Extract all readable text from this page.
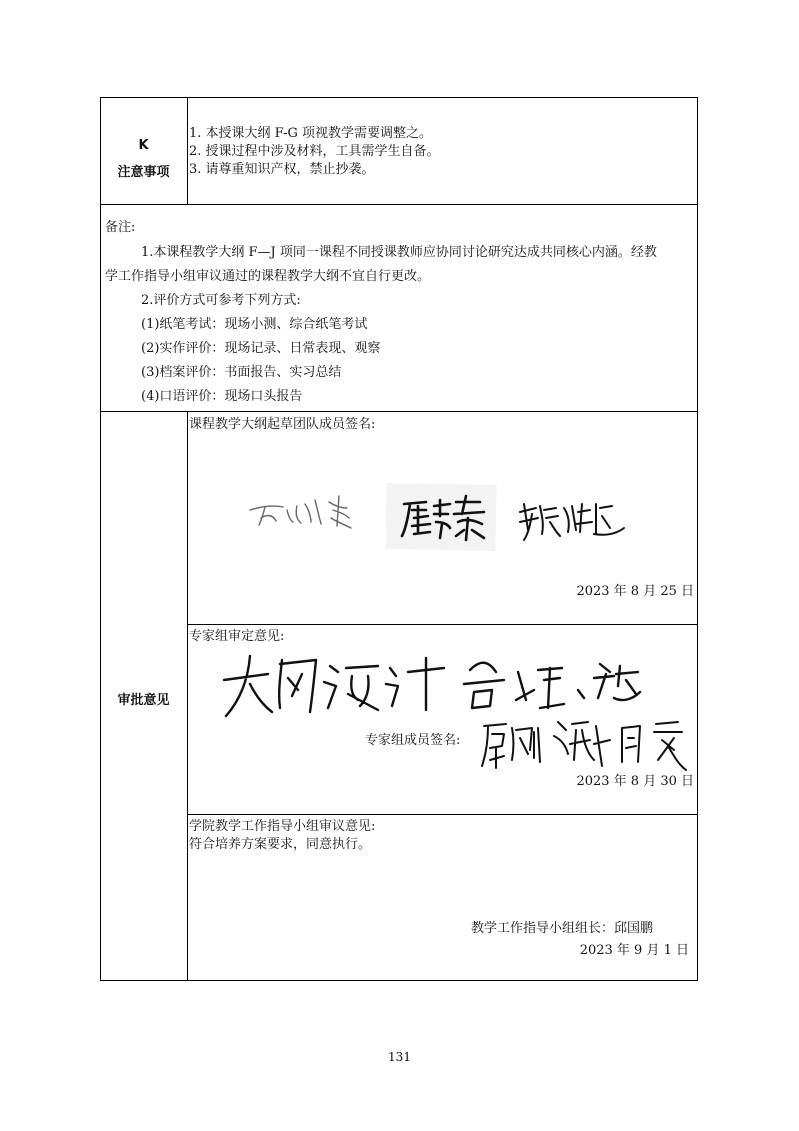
K
注意事项
1. 本授课大纲 F-G 项视教学需要调整之。
2. 授课过程中涉及材料，工具需学生自备。
3. 请尊重知识产权，禁止抄袭。
备注:
1.本课程教学大纲 F—J 项同一课程不同授课教师应协同讨论研究达成共同核心内涵。经教
学工作指导小组审议通过的课程教学大纲不宜自行更改。
2.评价方式可参考下列方式:
(1)纸笔考试：现场小测、综合纸笔考试
(2)实作评价：现场记录、日常表现、观察
(3)档案评价：书面报告、实习总结
(4)口语评价：现场口头报告
审批意见
课程教学大纲起草团队成员签名:
2023 年 8 月 25 日
专家组审定意见:
专家组成员签名:
2023 年 8 月 30 日
学院教学工作指导小组审议意见:
符合培养方案要求，同意执行。
教学工作指导小组组长：邱国鹏
2023 年 9 月 1 日
131
